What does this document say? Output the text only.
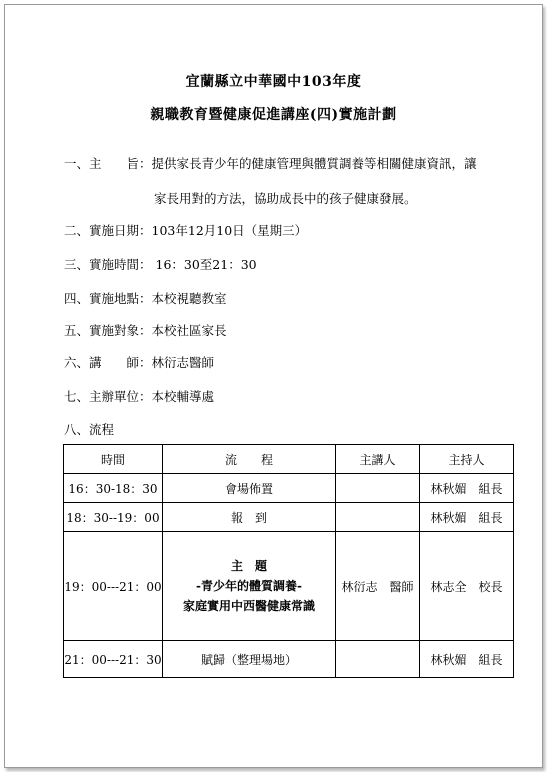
宜蘭縣立中華國中103年度
親職教育暨健康促進講座(四)實施計劃
一、主　　旨：提供家長青少年的健康管理與體質調養等相關健康資訊，讓
家長用對的方法，協助成長中的孩子健康發展。
二、實施日期：103年12月10日（星期三）
三、實施時間： 16：30至21：30
四、實施地點：本校視聽教室
五、實施對象：本校社區家長
六、講　　師：林衍志醫師
七、主辦單位：本校輔導處
八、流程
時間	流　　程	主講人	主持人
16：30-18：30	會場佈置		林秋媚　組長
18：30--19：00	報　到		林秋媚　組長
19：00---21：00	主　題
-青少年的體質調養-
家庭實用中西醫健康常識	林衍志　醫師	林志全　校長
21：00---21：30	賦歸（整理場地）		林秋媚　組長
